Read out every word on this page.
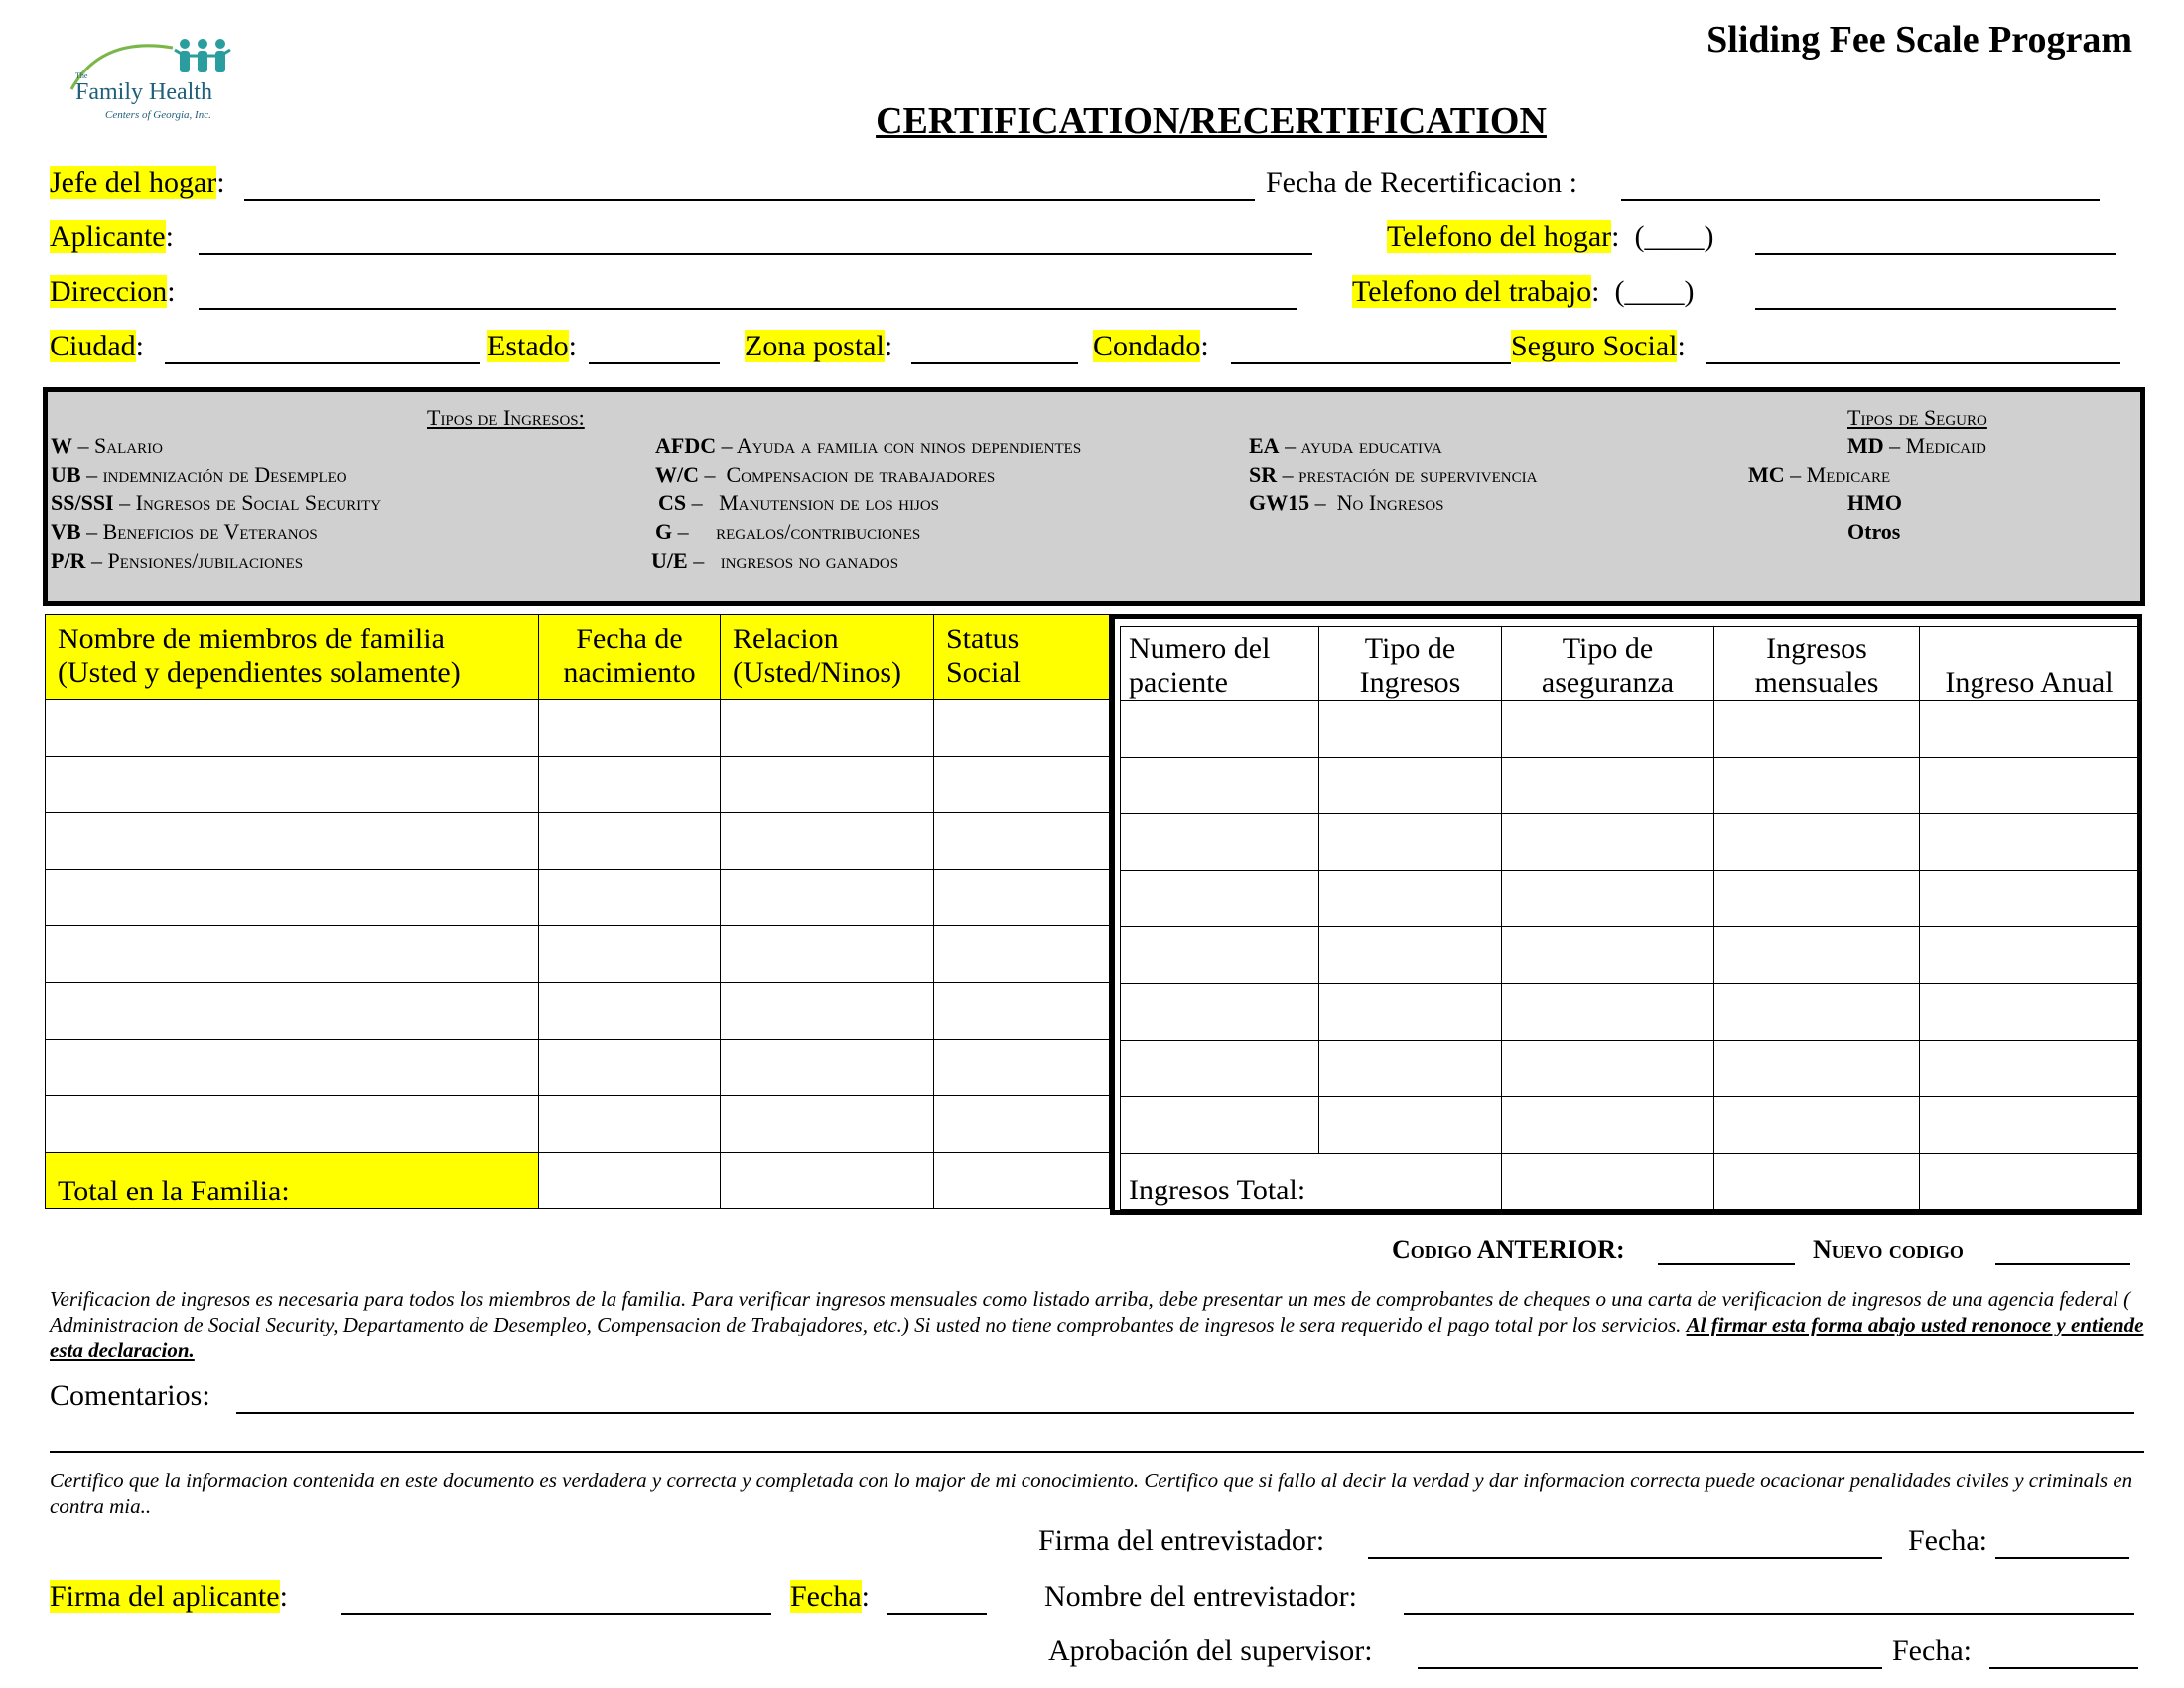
The
Family Health
Centers of Georgia, Inc.
Sliding Fee Scale Program
CERTIFICATION/RECERTIFICATION
Jefe del hogar:	Fecha de Recertificacion :
Aplicante:	Telefono del hogar:  (____)
Direccion:	Telefono del trabajo:  (____)
Ciudad:	Estado:	Zona postal:	Condado:	Seguro Social:
Tipos de Ingresos:	Tipos de Seguro
W – Salario
UB – indemnización de Desempleo
SS/SSI – Ingresos de Social Security
VB – Beneficios de Veteranos
P/R – Pensiones/jubilaciones
AFDC – Ayuda a familia con ninos dependientes
W/C –  Compensacion de trabajadores
CS –   Manutension de los hijos
G –     regalos/contribuciones
U/E –   ingresos no ganados
EA – ayuda educativa
SR – prestación de supervivencia
GW15 –  No Ingresos
MD – Medicaid
MC – Medicare
HMO
Otros
Nombre de miembros de familia (Usted y dependientes solamente)	Fecha de nacimiento	Relacion (Usted/Ninos)	Status Social

Total en la Familia:			
Numero del paciente	Tipo de Ingresos	Tipo de aseguranza	Ingresos mensuales	Ingreso Anual

Ingresos Total:				
Codigo ANTERIOR:	Nuevo codigo
Verificacion de ingresos es necesaria para todos los miembros de la familia. Para verificar ingresos mensuales como listado arriba, debe presentar un mes de comprobantes de cheques o una carta de verificacion de ingresos de una agencia federal ( Administracion de Social Security, Departamento de Desempleo, Compensacion de Trabajadores, etc.) Si usted no tiene comprobantes de ingresos le sera requerido el pago total por los servicios. Al firmar esta forma abajo usted renonoce y entiende esta declaracion.
Comentarios:
Certifico que la informacion contenida en este documento es verdadera y correcta y completada con lo major de mi conocimiento. Certifico que si fallo al decir la verdad y dar informacion correcta puede ocacionar penalidades civiles y criminals en contra mia..
Firma del entrevistador:	Fecha:
Firma del aplicante:	Fecha:	Nombre del entrevistador:
Aprobación del supervisor:	Fecha:
